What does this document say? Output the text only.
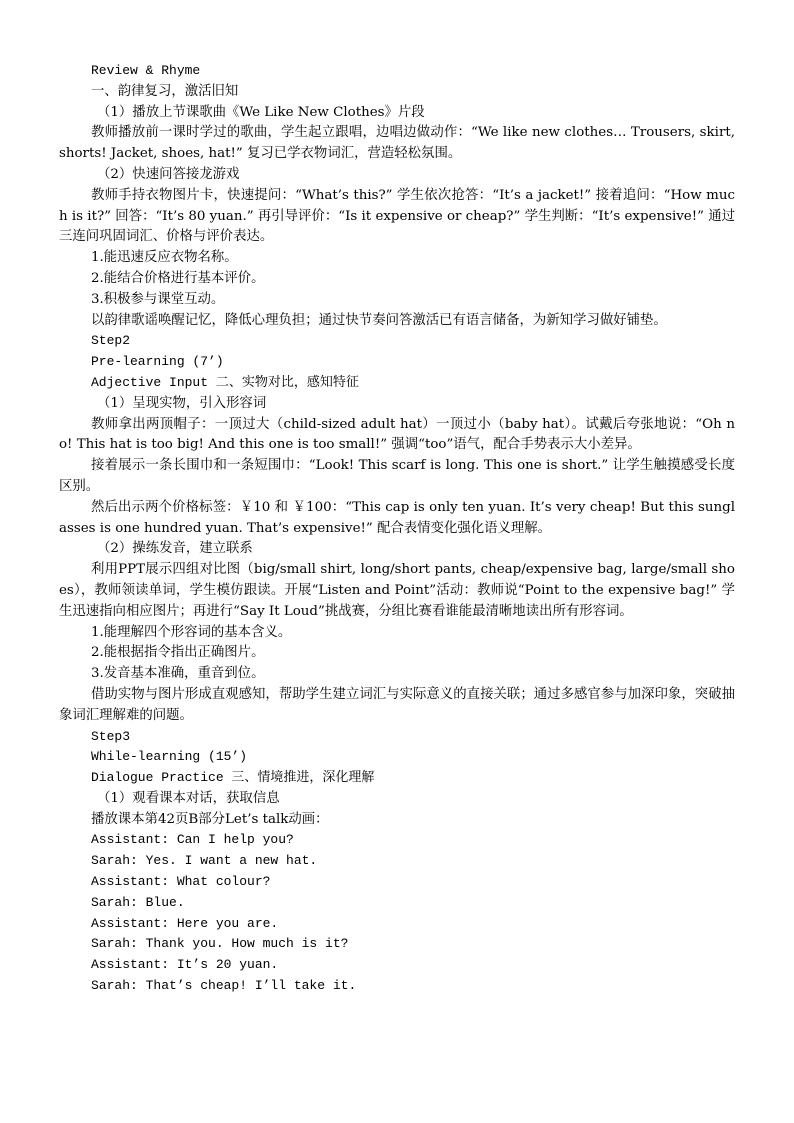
Review & Rhyme

一、韵律复习，激活旧知

（1）播放上节课歌曲《We Like New Clothes》片段

教师播放前一课时学过的歌曲，学生起立跟唱，边唱边做动作：“We like new clothes… Trousers, skirt, shorts! Jacket, shoes, hat!” 复习已学衣物词汇，营造轻松氛围。

（2）快速问答接龙游戏

教师手持衣物图片卡，快速提问：“What’s this?” 学生依次抢答：“It’s a jacket!” 接着追问：“How much is it?” 回答：“It’s 80 yuan.” 再引导评价：“Is it expensive or cheap?” 学生判断：“It’s expensive!” 通过三连问巩固词汇、价格与评价表达。

1.能迅速反应衣物名称。

2.能结合价格进行基本评价。

3.积极参与课堂互动。

以韵律歌谣唤醒记忆，降低心理负担；通过快节奏问答激活已有语言储备，为新知学习做好铺垫。

Step2

Pre-learning (7’)

Adjective Input 二、实物对比，感知特征

（1）呈现实物，引入形容词

教师拿出两顶帽子：一顶过大（child-sized adult hat）一顶过小（baby hat）。试戴后夸张地说：“Oh no! This hat is too big! And this one is too small!” 强调“too”语气，配合手势表示大小差异。

接着展示一条长围巾和一条短围巾：“Look! This scarf is long. This one is short.” 让学生触摸感受长度区别。

然后出示两个价格标签：￥10 和 ￥100：“This cap is only ten yuan. It’s very cheap! But this sunglasses is one hundred yuan. That’s expensive!” 配合表情变化强化语义理解。

（2）操练发音，建立联系

利用PPT展示四组对比图（big/small shirt, long/short pants, cheap/expensive bag, large/small shoes），教师领读单词，学生模仿跟读。开展“Listen and Point”活动：教师说“Point to the expensive bag!” 学生迅速指向相应图片；再进行“Say It Loud”挑战赛，分组比赛看谁能最清晰地读出所有形容词。

1.能理解四个形容词的基本含义。

2.能根据指令指出正确图片。

3.发音基本准确，重音到位。

借助实物与图片形成直观感知，帮助学生建立词汇与实际意义的直接关联；通过多感官参与加深印象，突破抽象词汇理解难的问题。

Step3

While-learning (15’)

Dialogue Practice 三、情境推进，深化理解

（1）观看课本对话，获取信息

播放课本第42页B部分Let’s talk动画：

Assistant: Can I help you?

Sarah: Yes. I want a new hat.

Assistant: What colour?

Sarah: Blue.

Assistant: Here you are.

Sarah: Thank you. How much is it?

Assistant: It’s 20 yuan.

Sarah: That’s cheap! I’ll take it.
